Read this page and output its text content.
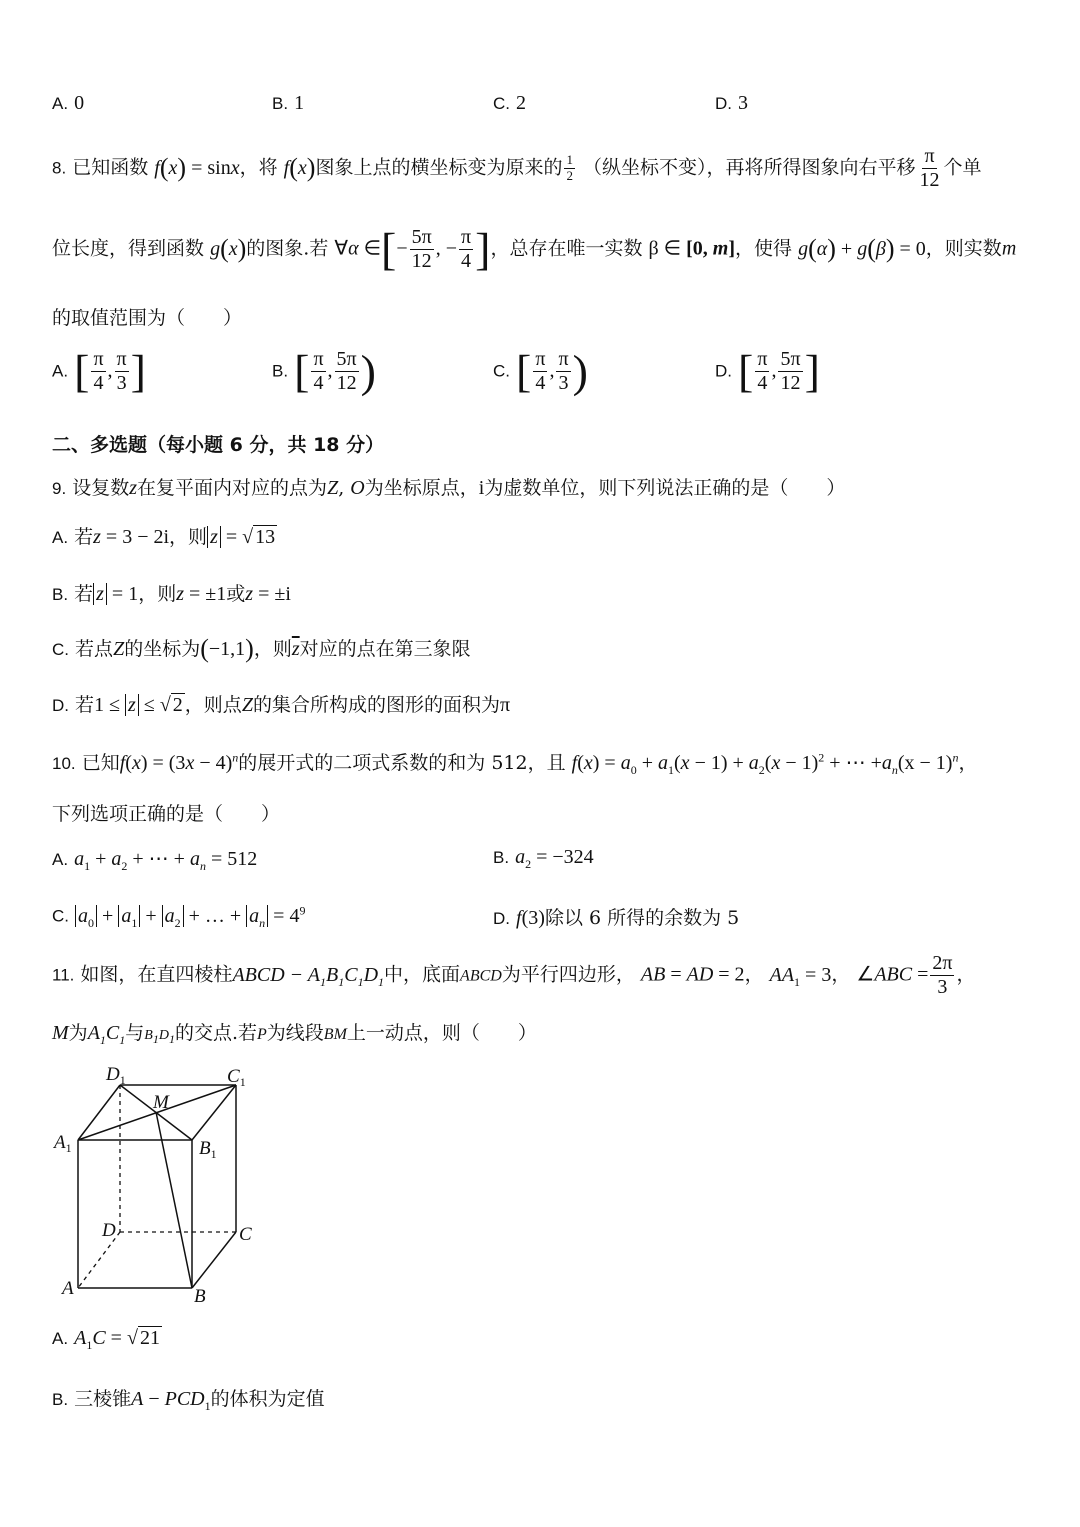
A. 0	B. 1	C. 2	D. 3
8. 已知函数 f(x) = sinx，将 f(x)图象上点的横坐标变为原来的 $\frac{1}{2}$ （纵坐标不变），再将所得图象向右平移 $\frac{\pi}{12}$ 个单
位长度，得到函数 g(x)的图象.若 ∀α ∈[− $\frac{5\pi}{12}$ , − $\frac{\pi}{4}$ ]，总存在唯一实数 β ∈ [0, m]，使得 g(α) + g(β) = 0，则实数m
的取值范围为（　　）
A. [ $\frac{\pi}{4}$ , $\frac{\pi}{3}$ ]	B. [ $\frac{\pi}{4}$ , $\frac{5\pi}{12}$ )	C. [ $\frac{\pi}{4}$ , $\frac{\pi}{3}$ )	D. [ $\frac{\pi}{4}$ , $\frac{5\pi}{12}$ ]
二、多选题（每小题 6 分，共 18 分）
9. 设复数z在复平面内对应的点为Z, O为坐标原点，i为虚数单位，则下列说法正确的是（　　）
A. 若z = 3 − 2i，则 z = √ 13
B. 若 z = 1，则z = ±1或z = ±i
C. 若点Z的坐标为(−1,1)，则$\overline{z}$对应的点在第三象限
D. 若1 ≤ z ≤ √ 2 ，则点Z的集合所构成的图形的面积为π
10. 已知$f(x) = (3x - 4)^n$的展开式的二项式系数的和为 512，且 $f(x) = a_0 + a_1(x - 1) + a_2(x - 1)^2$ + ⋯ $+a_n(x - 1)^n$，
下列选项正确的是（　　）
A. $a_1 + a_2$ + ⋯ + $a_n = 512$	B. $a_2 = -324$
C. $a_0 + a_1 + a_2$ + … + $a_n = 4^9$	D. f(3)除以 6 所得的余数为 5
11. 如图，在直四棱柱ABCD − $A_1B_1C_1D_1$中，底面ABCD为平行四边形， AB = AD = 2， $AA_1 = 3$， ∠ABC = $\frac{2\pi}{3}$ ，
M为$A_1C_1$与$B_1D_1$的交点.若P为线段BM上一动点，则（　　）
$D_1$	$C_1$
$A_1$	$B_1$
M
D	C
A	B
A. $A_1C$ = √ 21
B. 三棱锥$A - PCD_1$的体积为定值
